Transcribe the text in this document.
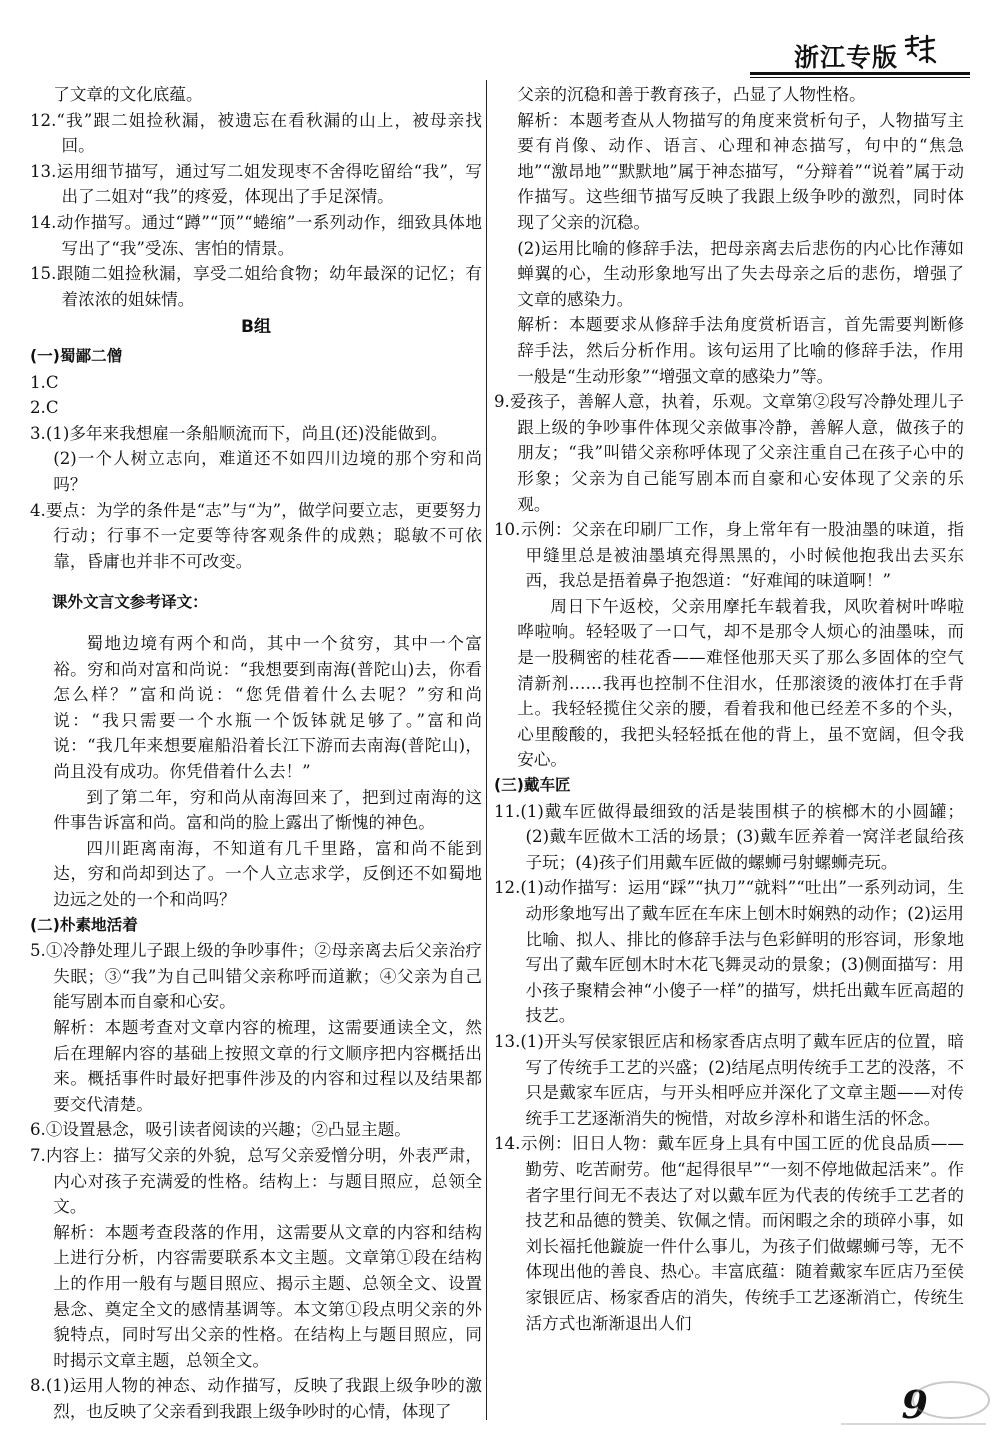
浙江专版

了文章的文化底蕴。

12.“我”跟二姐捡秋漏，被遗忘在看秋漏的山上，被母亲找回。

13.运用细节描写，通过写二姐发现枣不舍得吃留给“我”，写出了二姐对“我”的疼爱，体现出了手足深情。

14.动作描写。通过“蹲”“顶”“蜷缩”一系列动作，细致具体地写出了“我”受冻、害怕的情景。

15.跟随二姐捡秋漏，享受二姐给食物；幼年最深的记忆；有着浓浓的姐妹情。

B组

(一)蜀鄙二僧

1.C

2.C

3.(1)多年来我想雇一条船顺流而下，尚且(还)没能做到。

(2)一个人树立志向，难道还不如四川边境的那个穷和尚吗？

4.要点：为学的条件是“志”与“为”，做学问要立志，更要努力行动；行事不一定要等待客观条件的成熟；聪敏不可依靠，昏庸也并非不可改变。

课外文言文参考译文：

蜀地边境有两个和尚，其中一个贫穷，其中一个富裕。穷和尚对富和尚说：“我想要到南海(普陀山)去，你看怎么样？”富和尚说：“您凭借着什么去呢？”穷和尚说：“我只需要一个水瓶一个饭钵就足够了。”富和尚说：“我几年来想要雇船沿着长江下游而去南海(普陀山)，尚且没有成功。你凭借着什么去！”

到了第二年，穷和尚从南海回来了，把到过南海的这件事告诉富和尚。富和尚的脸上露出了惭愧的神色。

四川距离南海，不知道有几千里路，富和尚不能到达，穷和尚却到达了。一个人立志求学，反倒还不如蜀地边远之处的一个和尚吗？

(二)朴素地活着

5.①冷静处理儿子跟上级的争吵事件；②母亲离去后父亲治疗失眠；③“我”为自己叫错父亲称呼而道歉；④父亲为自己能写剧本而自豪和心安。

解析：本题考查对文章内容的梳理，这需要通读全文，然后在理解内容的基础上按照文章的行文顺序把内容概括出来。概括事件时最好把事件涉及的内容和过程以及结果都要交代清楚。

6.①设置悬念，吸引读者阅读的兴趣；②凸显主题。

7.内容上：描写父亲的外貌，总写父亲爱憎分明，外表严肃，内心对孩子充满爱的性格。结构上：与题目照应，总领全文。

解析：本题考查段落的作用，这需要从文章的内容和结构上进行分析，内容需要联系本文主题。文章第①段在结构上的作用一般有与题目照应、揭示主题、总领全文、设置悬念、奠定全文的感情基调等。本文第①段点明父亲的外貌特点，同时写出父亲的性格。在结构上与题目照应，同时揭示文章主题，总领全文。

8.(1)运用人物的神态、动作描写，反映了我跟上级争吵的激烈，也反映了父亲看到我跟上级争吵时的心情，体现了

父亲的沉稳和善于教育孩子，凸显了人物性格。

解析：本题考查从人物描写的角度来赏析句子，人物描写主要有肖像、动作、语言、心理和神态描写，句中的“焦急地”“激昂地”“默默地”属于神态描写，“分辩着”“说着”属于动作描写。这些细节描写反映了我跟上级争吵的激烈，同时体现了父亲的沉稳。

(2)运用比喻的修辞手法，把母亲离去后悲伤的内心比作薄如蝉翼的心，生动形象地写出了失去母亲之后的悲伤，增强了文章的感染力。

解析：本题要求从修辞手法角度赏析语言，首先需要判断修辞手法，然后分析作用。该句运用了比喻的修辞手法，作用一般是“生动形象”“增强文章的感染力”等。

9.爱孩子，善解人意，执着，乐观。文章第②段写冷静处理儿子跟上级的争吵事件体现父亲做事冷静，善解人意，做孩子的朋友；“我”叫错父亲称呼体现了父亲注重自己在孩子心中的形象；父亲为自己能写剧本而自豪和心安体现了父亲的乐观。

10.示例：父亲在印刷厂工作，身上常年有一股油墨的味道，指甲缝里总是被油墨填充得黑黑的，小时候他抱我出去买东西，我总是捂着鼻子抱怨道：“好难闻的味道啊！”

周日下午返校，父亲用摩托车载着我，风吹着树叶哗啦哗啦响。轻轻吸了一口气，却不是那令人烦心的油墨味，而是一股稠密的桂花香——难怪他那天买了那么多固体的空气清新剂……我再也控制不住泪水，任那滚烫的液体打在手背上。我轻轻揽住父亲的腰，看着我和他已经差不多的个头，心里酸酸的，我把头轻轻抵在他的背上，虽不宽阔，但令我安心。

(三)戴车匠

11.(1)戴车匠做得最细致的活是装围棋子的槟榔木的小圆罐；(2)戴车匠做木工活的场景；(3)戴车匠养着一窝洋老鼠给孩子玩；(4)孩子们用戴车匠做的螺蛳弓射螺蛳壳玩。

12.(1)动作描写：运用“踩”“执刀”“就料”“吐出”一系列动词，生动形象地写出了戴车匠在车床上刨木时娴熟的动作；(2)运用比喻、拟人、排比的修辞手法与色彩鲜明的形容词，形象地写出了戴车匠刨木时木花飞舞灵动的景象；(3)侧面描写：用小孩子聚精会神“小傻子一样”的描写，烘托出戴车匠高超的技艺。

13.(1)开头写侯家银匠店和杨家香店点明了戴车匠店的位置，暗写了传统手工艺的兴盛；(2)结尾点明传统手工艺的没落，不只是戴家车匠店，与开头相呼应并深化了文章主题——对传统手工艺逐渐消失的惋惜，对故乡淳朴和谐生活的怀念。

14.示例：旧日人物：戴车匠身上具有中国工匠的优良品质——勤劳、吃苦耐劳。他“起得很早”“一刻不停地做起活来”。作者字里行间无不表达了对以戴车匠为代表的传统手工艺者的技艺和品德的赞美、钦佩之情。而闲暇之余的琐碎小事，如刘长福托他鏇旋一件什么事儿，为孩子们做螺蛳弓等，无不体现出他的善良、热心。丰富底蕴：随着戴家车匠店乃至侯家银匠店、杨家香店的消失，传统手工艺逐渐消亡，传统生活方式也渐渐退出人们

9
